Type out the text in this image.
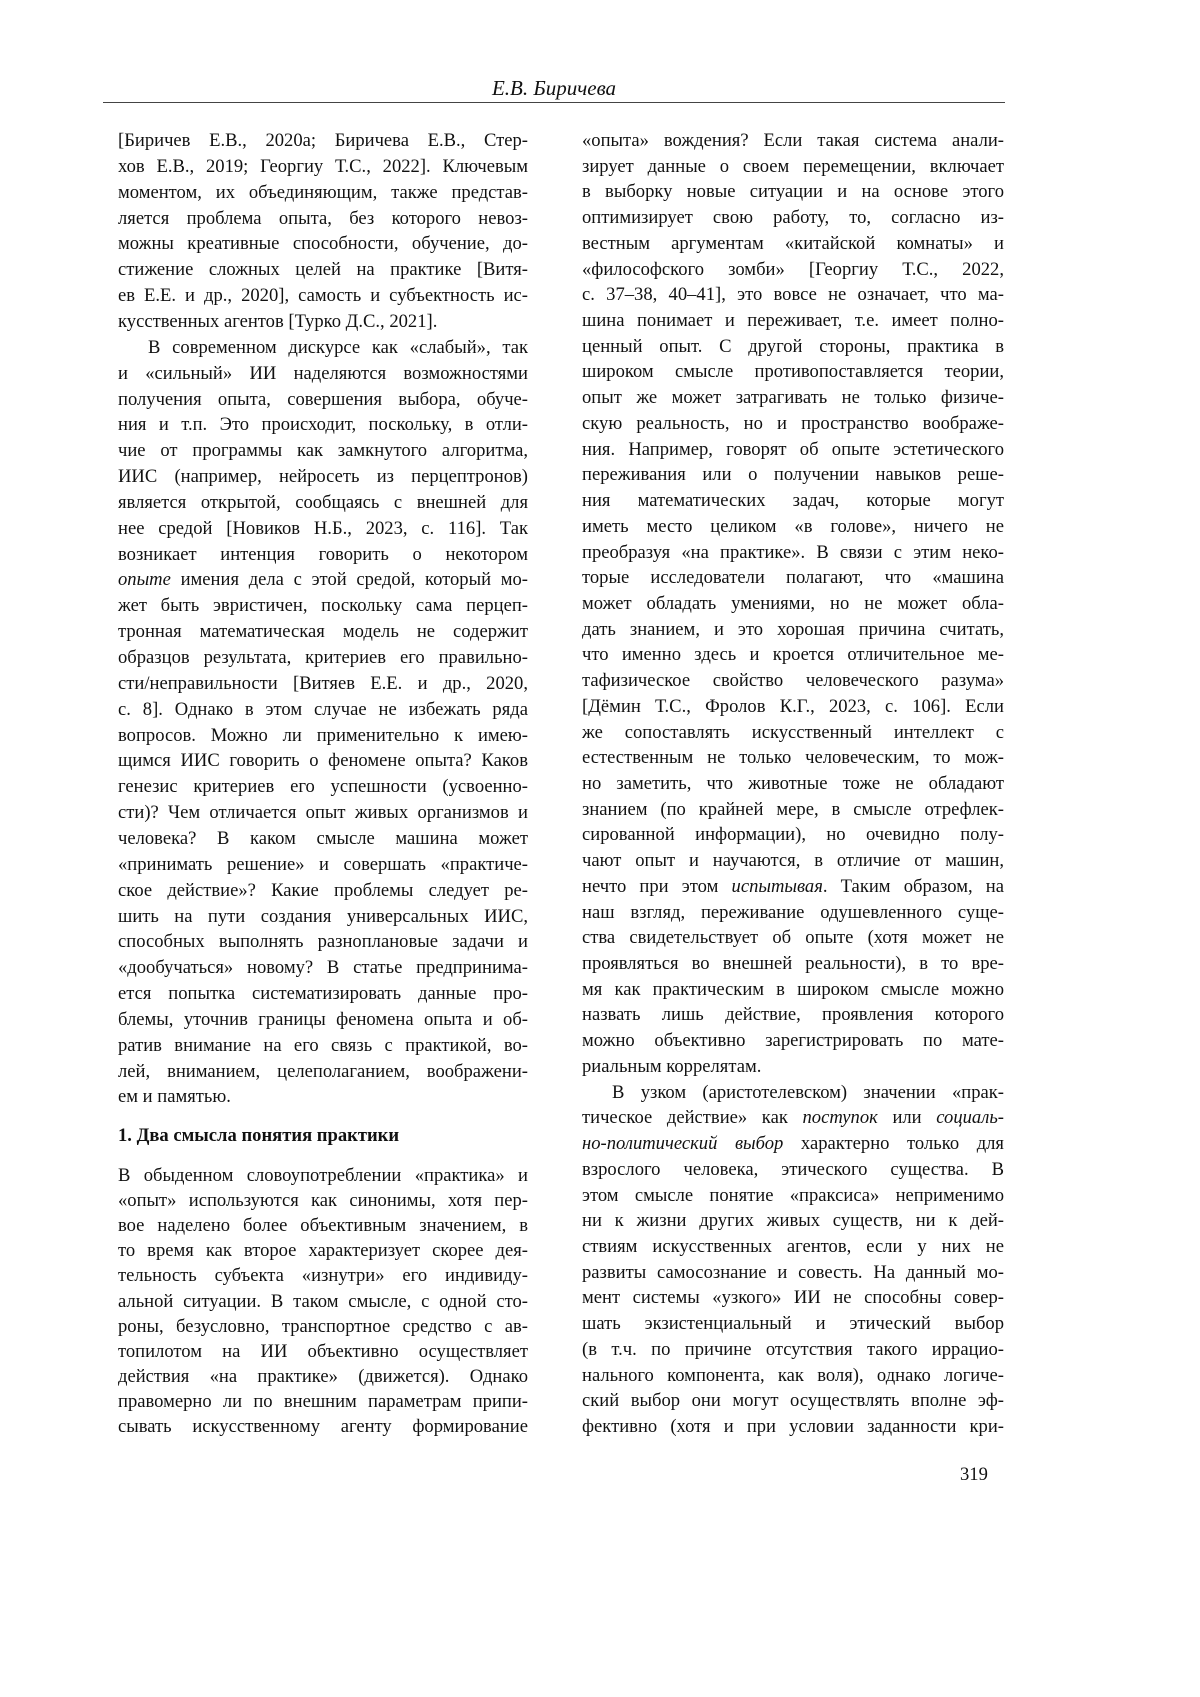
Е.В. Биричева
[Биричев Е.В., 2020a; Биричева Е.В., Стер-
хов Е.В., 2019; Георгиу Т.С., 2022]. Ключевым
моментом, их объединяющим, также представ-
ляется проблема опыта, без которого невоз-
можны креативные способности, обучение, до-
стижение сложных целей на практике [Витя-
ев Е.Е. и др., 2020], самость и субъектность ис-
кусственных агентов [Турко Д.С., 2021].
В современном дискурсе как «слабый», так
и «сильный» ИИ наделяются возможностями
получения опыта, совершения выбора, обуче-
ния и т.п. Это происходит, поскольку, в отли-
чие от программы как замкнутого алгоритма,
ИИС (например, нейросеть из перцептронов)
является открытой, сообщаясь с внешней для
нее средой [Новиков Н.Б., 2023, с. 116]. Так
возникает интенция говорить о некотором
опыте имения дела с этой средой, который мо-
жет быть эвристичен, поскольку сама перцеп-
тронная математическая модель не содержит
образцов результата, критериев его правильно-
сти/неправильности [Витяев Е.Е. и др., 2020,
с. 8]. Однако в этом случае не избежать ряда
вопросов. Можно ли применительно к имею-
щимся ИИС говорить о феномене опыта? Каков
генезис критериев его успешности (усвоенно-
сти)? Чем отличается опыт живых организмов и
человека? В каком смысле машина может
«принимать решение» и совершать «практиче-
ское действие»? Какие проблемы следует ре-
шить на пути создания универсальных ИИС,
способных выполнять разноплановые задачи и
«дообучаться» новому? В статье предпринима-
ется попытка систематизировать данные про-
блемы, уточнив границы феномена опыта и об-
ратив внимание на его связь с практикой, во-
лей, вниманием, целеполаганием, воображени-
ем и памятью.
1. Два смысла понятия практики
В обыденном словоупотреблении «практика» и
«опыт» используются как синонимы, хотя пер-
вое наделено более объективным значением, в
то время как второе характеризует скорее дея-
тельность субъекта «изнутри» его индивиду-
альной ситуации. В таком смысле, с одной сто-
роны, безусловно, транспортное средство с ав-
топилотом на ИИ объективно осуществляет
действия «на практике» (движется). Однако
правомерно ли по внешним параметрам припи-
сывать искусственному агенту формирование
«опыта» вождения? Если такая система анали-
зирует данные о своем перемещении, включает
в выборку новые ситуации и на основе этого
оптимизирует свою работу, то, согласно из-
вестным аргументам «китайской комнаты» и
«философского зомби» [Георгиу Т.С., 2022,
с. 37–38, 40–41], это вовсе не означает, что ма-
шина понимает и переживает, т.е. имеет полно-
ценный опыт. С другой стороны, практика в
широком смысле противопоставляется теории,
опыт же может затрагивать не только физиче-
скую реальность, но и пространство воображе-
ния. Например, говорят об опыте эстетического
переживания или о получении навыков реше-
ния математических задач, которые могут
иметь место целиком «в голове», ничего не
преобразуя «на практике». В связи с этим неко-
торые исследователи полагают, что «машина
может обладать умениями, но не может обла-
дать знанием, и это хорошая причина считать,
что именно здесь и кроется отличительное ме-
тафизическое свойство человеческого разума»
[Дёмин Т.С., Фролов К.Г., 2023, с. 106]. Если
же сопоставлять искусственный интеллект с
естественным не только человеческим, то мож-
но заметить, что животные тоже не обладают
знанием (по крайней мере, в смысле отрефлек-
сированной информации), но очевидно полу-
чают опыт и научаются, в отличие от машин,
нечто при этом испытывая. Таким образом, на
наш взгляд, переживание одушевленного суще-
ства свидетельствует об опыте (хотя может не
проявляться во внешней реальности), в то вре-
мя как практическим в широком смысле можно
назвать лишь действие, проявления которого
можно объективно зарегистрировать по мате-
риальным коррелятам.
В узком (аристотелевском) значении «прак-
тическое действие» как поступок или социаль-
но-политический выбор характерно только для
взрослого человека, этического существа. В
этом смысле понятие «праксиса» неприменимо
ни к жизни других живых существ, ни к дей-
ствиям искусственных агентов, если у них не
развиты самосознание и совесть. На данный мо-
мент системы «узкого» ИИ не способны совер-
шать экзистенциальный и этический выбор
(в т.ч. по причине отсутствия такого иррацио-
нального компонента, как воля), однако логиче-
ский выбор они могут осуществлять вполне эф-
фективно (хотя и при условии заданности кри-
319
